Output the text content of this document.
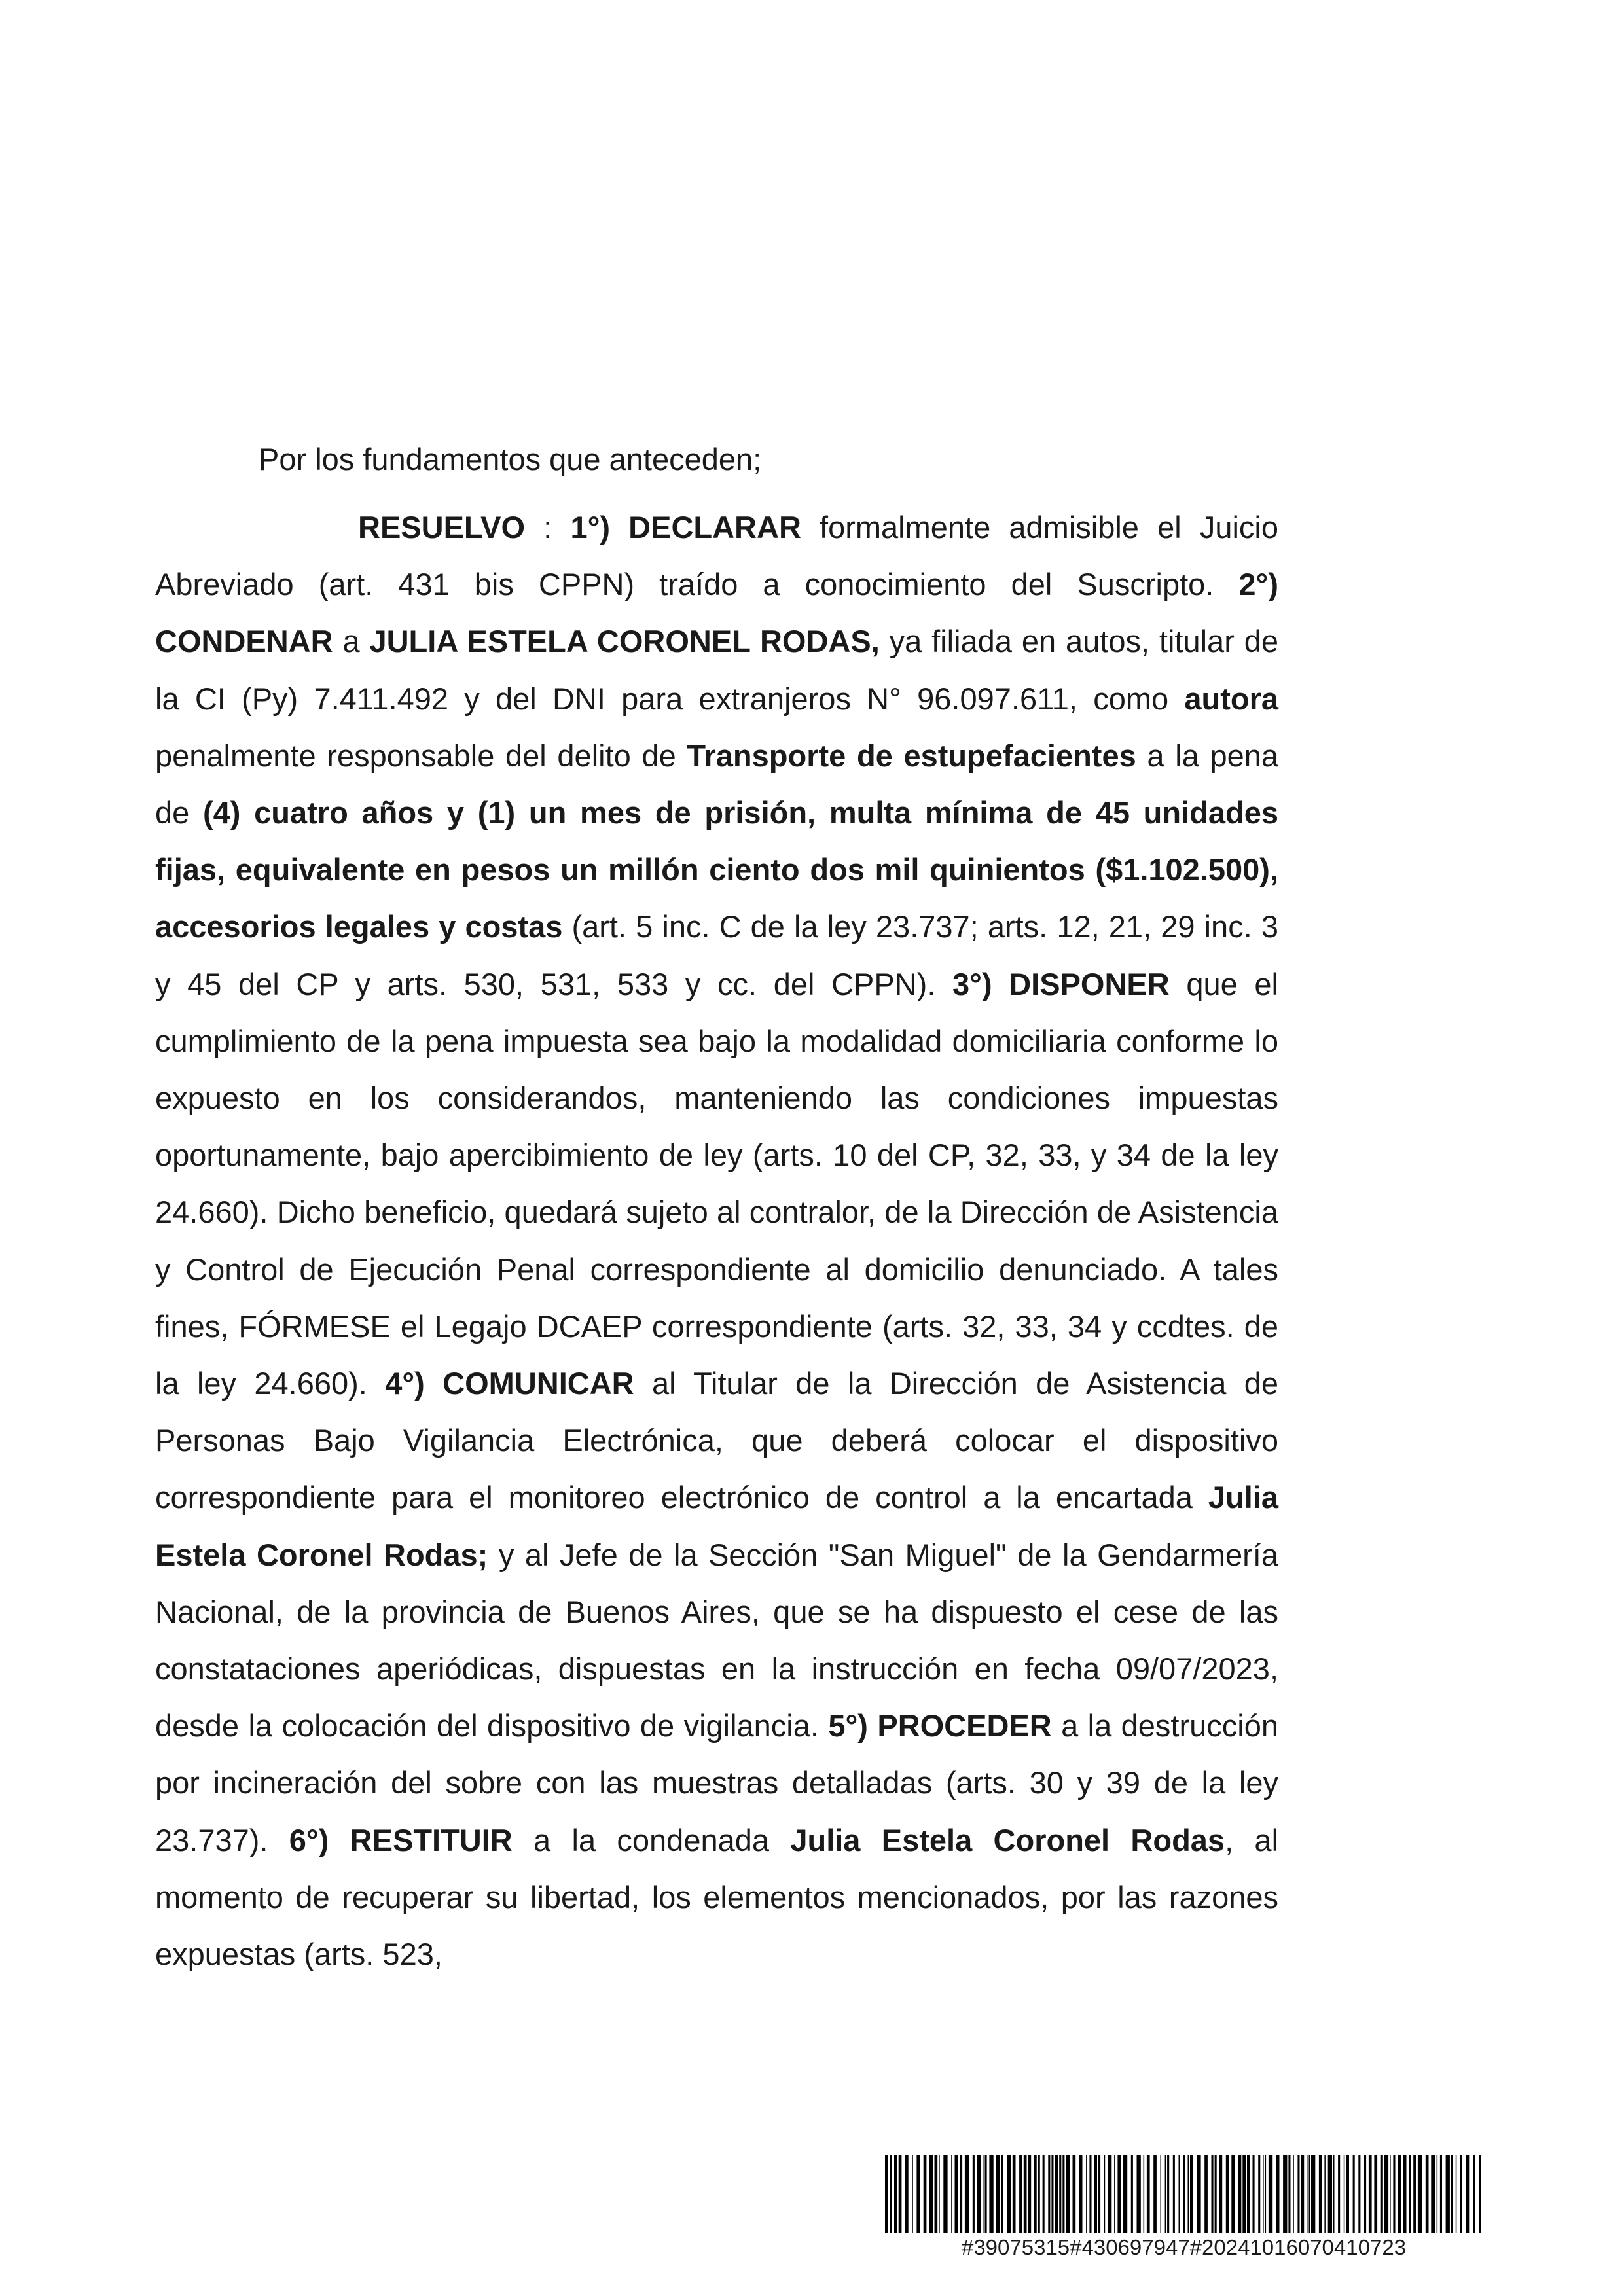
Por los fundamentos que anteceden;

RESUELVO : 1°) DECLARAR formalmente admisible el Juicio Abreviado (art. 431 bis CPPN) traído a conocimiento del Suscripto. 2°) CONDENAR a JULIA ESTELA CORONEL RODAS, ya filiada en autos, titular de la CI (Py) 7.411.492 y del DNI para extranjeros N° 96.097.611, como autora penalmente responsable del delito de Transporte de estupefacientes a la pena de (4) cuatro años y (1) un mes de prisión, multa mínima de 45 unidades fijas, equivalente en pesos un millón ciento dos mil quinientos ($1.102.500), accesorios legales y costas (art. 5 inc. C de la ley 23.737; arts. 12, 21, 29 inc. 3 y 45 del CP y arts. 530, 531, 533 y cc. del CPPN). 3°) DISPONER que el cumplimiento de la pena impuesta sea bajo la modalidad domiciliaria conforme lo expuesto en los considerandos, manteniendo las condiciones impuestas oportunamente, bajo apercibimiento de ley (arts. 10 del CP, 32, 33, y 34 de la ley 24.660). Dicho beneficio, quedará sujeto al contralor, de la Dirección de Asistencia y Control de Ejecución Penal correspondiente al domicilio denunciado. A tales fines, FÓRMESE el Legajo DCAEP correspondiente (arts. 32, 33, 34 y ccdtes. de la ley 24.660). 4°) COMUNICAR al Titular de la Dirección de Asistencia de Personas Bajo Vigilancia Electrónica, que deberá colocar el dispositivo correspondiente para el monitoreo electrónico de control a la encartada Julia Estela Coronel Rodas; y al Jefe de la Sección "San Miguel" de la Gendarmería Nacional, de la provincia de Buenos Aires, que se ha dispuesto el cese de las constataciones aperiódicas, dispuestas en la instrucción en fecha 09/07/2023, desde la colocación del dispositivo de vigilancia. 5°) PROCEDER a la destrucción por incineración del sobre con las muestras detalladas (arts. 30 y 39 de la ley 23.737). 6°) RESTITUIR a la condenada Julia Estela Coronel Rodas, al momento de recuperar su libertad, los elementos mencionados, por las razones expuestas (arts. 523,

#39075315#430697947#20241016070410723
